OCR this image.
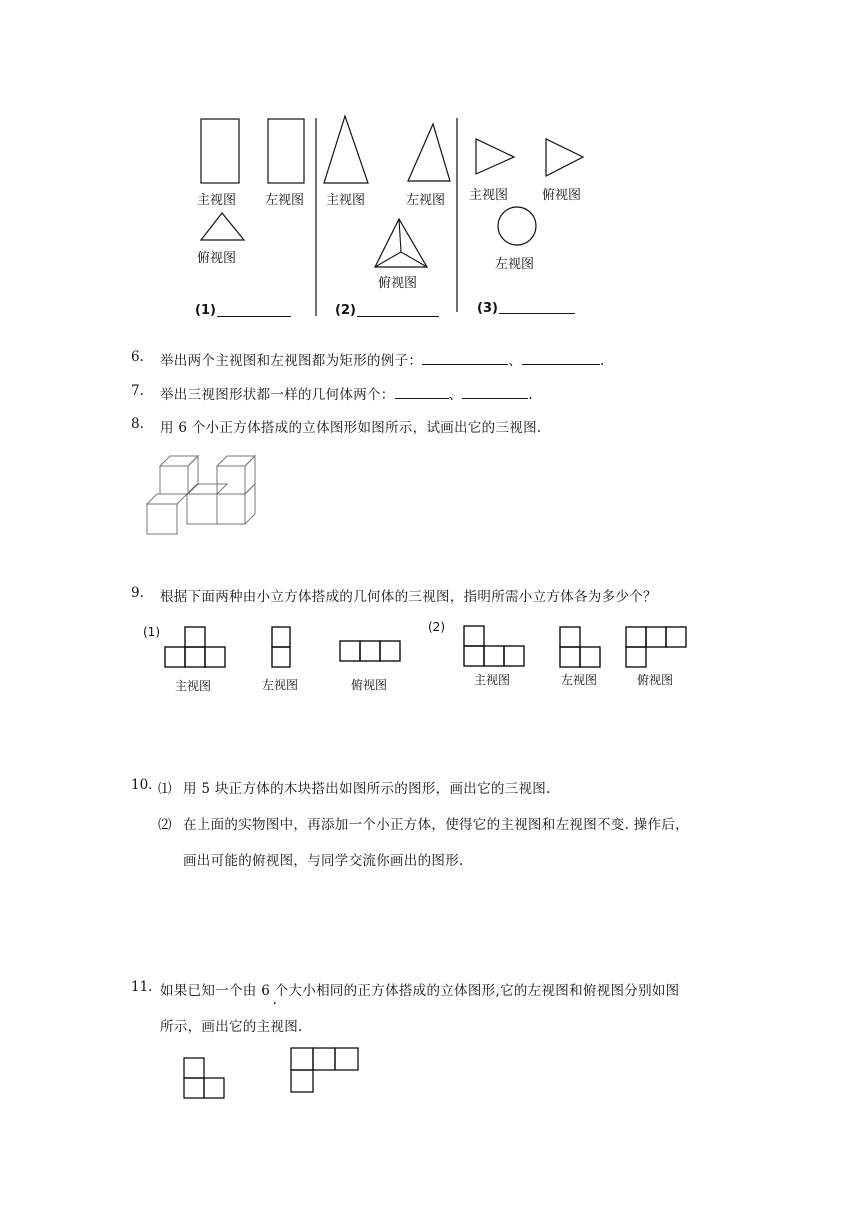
主视图 左视图
俯视图
主视图	左视图
俯视图
主视图	俯视图
左视图
(1)	(2)	(3)
6. 举出两个主视图和左视图都为矩形的例子：	、	.
7. 举出三视图形状都一样的几何体两个：	、	.
8. 用 6 个小正方体搭成的立体图形如图所示，试画出它的三视图.
9. 根据下面两种由小立方体搭成的几何体的三视图，指明所需小立方体各为多少个？
(1)	(2)
主视图	左视图	俯视图	主视图	左视图	俯视图
10. ⑴ 用 5 块正方体的木块搭出如图所示的图形，画出它的三视图.
⑵ 在上面的实物图中，再添加一个小正方体，使得它的主视图和左视图不变. 操作后，
画出可能的俯视图，与同学交流你画出的图形.
11. 如果已知一个由 6 个 ·大小相同的正方体搭成的立体图形,它的左视图和俯视图分别如图
所示，画出它的主视图.
